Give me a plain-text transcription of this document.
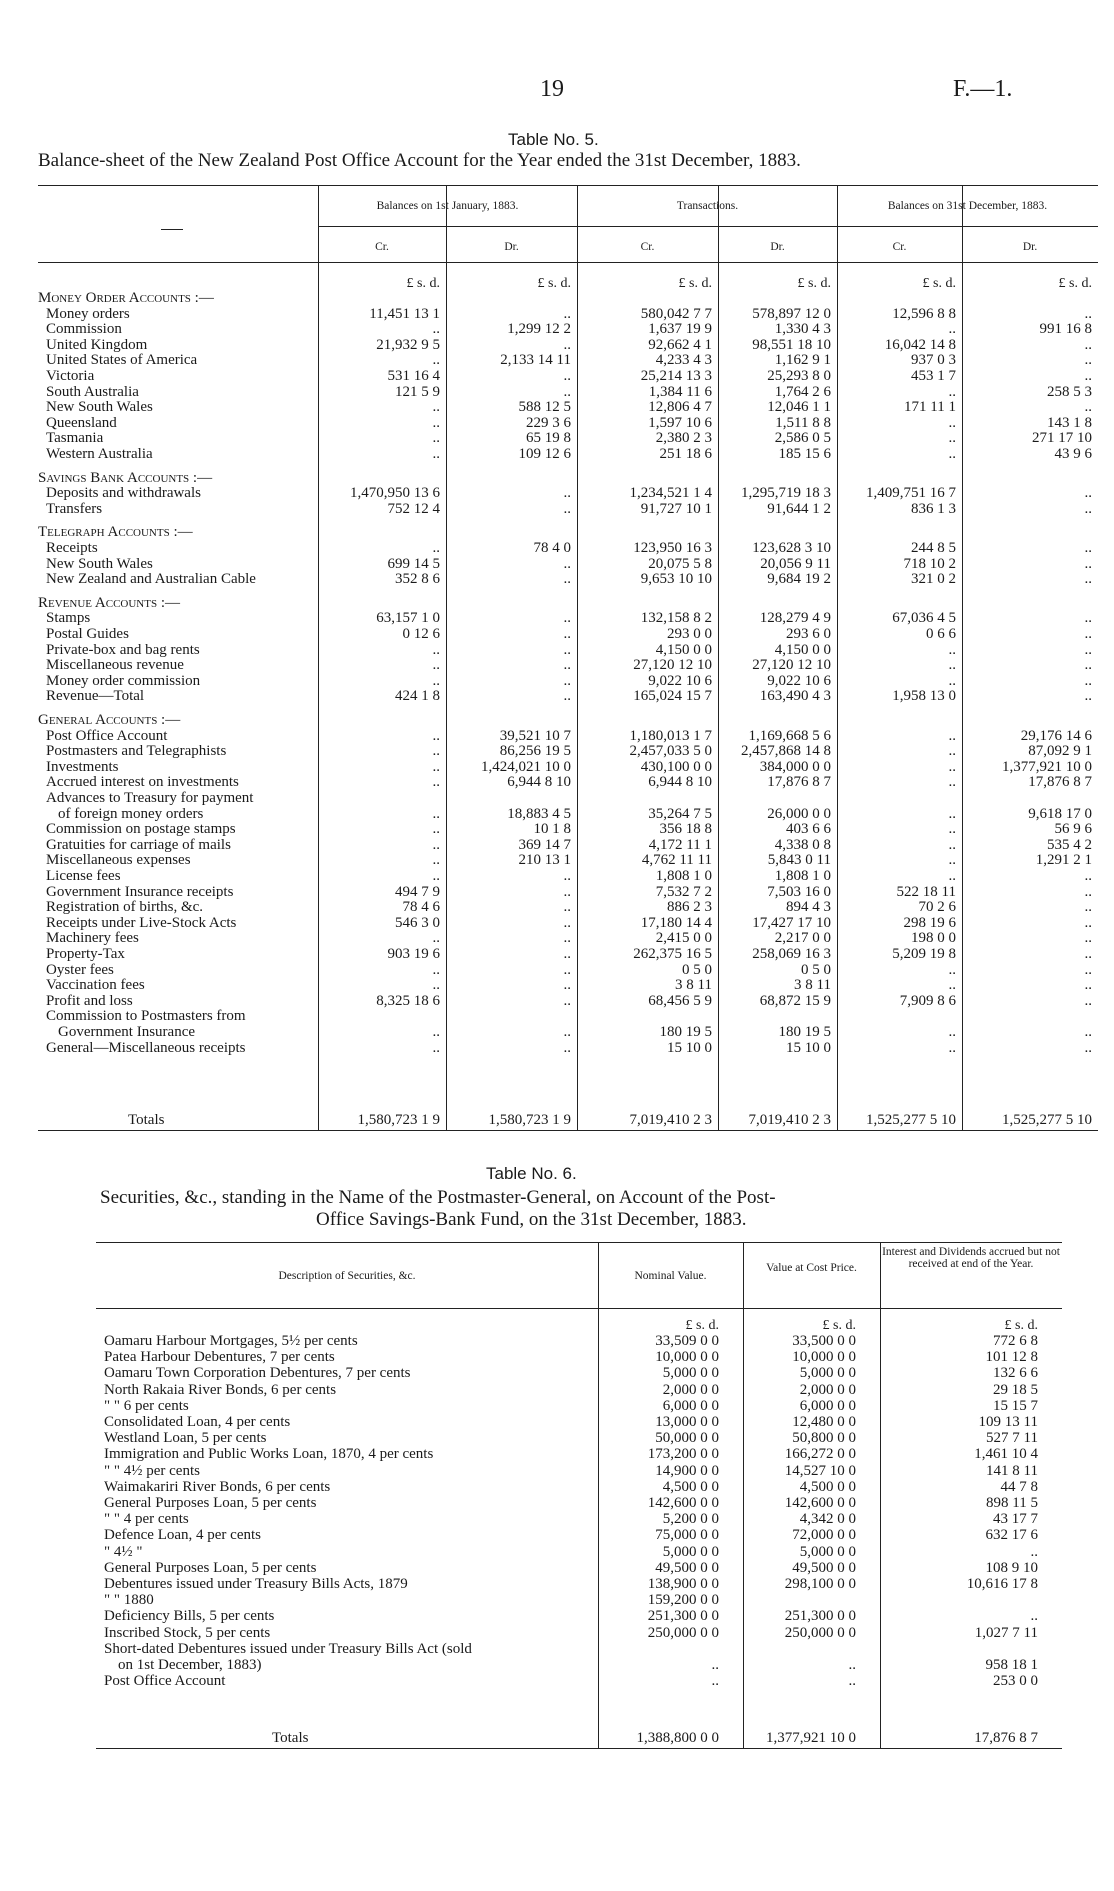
19	F.—1.
Table No. 5.
Balance-sheet of the New Zealand Post Office Account for the Year ended the 31st December, 1883.
Balances on 1st January, 1883.	Transactions.	Balances on 31st December, 1883.
Cr.	Dr.	Cr.	Dr.	Cr.	Dr.
£ s. d.	£ s. d.	£ s. d.	£ s. d.	£ s. d.	£ s. d.
Money Order Accounts :—
Money orders	11,451 13 1	..	580,042 7 7	578,897 12 0	12,596 8 8	..
Commission	..	1,299 12 2	1,637 19 9	1,330 4 3	..	991 16 8
United Kingdom	21,932 9 5	..	92,662 4 1	98,551 18 10	16,042 14 8	..
United States of America	..	2,133 14 11	4,233 4 3	1,162 9 1	937 0 3	..
Victoria	531 16 4	..	25,214 13 3	25,293 8 0	453 1 7	..
South Australia	121 5 9	..	1,384 11 6	1,764 2 6	..	258 5 3
New South Wales	..	588 12 5	12,806 4 7	12,046 1 1	171 11 1	..
Queensland	..	229 3 6	1,597 10 6	1,511 8 8	..	143 1 8
Tasmania	..	65 19 8	2,380 2 3	2,586 0 5	..	271 17 10
Western Australia	..	109 12 6	251 18 6	185 15 6	..	43 9 6
Savings Bank Accounts :—
Deposits and withdrawals	1,470,950 13 6	..	1,234,521 1 4	1,295,719 18 3	1,409,751 16 7	..
Transfers	752 12 4	..	91,727 10 1	91,644 1 2	836 1 3	..
Telegraph Accounts :—
Receipts	..	78 4 0	123,950 16 3	123,628 3 10	244 8 5	..
New South Wales	699 14 5	..	20,075 5 8	20,056 9 11	718 10 2	..
New Zealand and Australian Cable	352 8 6	..	9,653 10 10	9,684 19 2	321 0 2	..
Revenue Accounts :—
Stamps	63,157 1 0	..	132,158 8 2	128,279 4 9	67,036 4 5	..
Postal Guides	0 12 6	..	293 0 0	293 6 0	0 6 6	..
Private-box and bag rents	..	..	4,150 0 0	4,150 0 0	..	..
Miscellaneous revenue	..	..	27,120 12 10	27,120 12 10	..	..
Money order commission	..	..	9,022 10 6	9,022 10 6	..	..
Revenue—Total	424 1 8	..	165,024 15 7	163,490 4 3	1,958 13 0	..
General Accounts :—
Post Office Account	..	39,521 10 7	1,180,013 1 7	1,169,668 5 6	..	29,176 14 6
Postmasters and Telegraphists	..	86,256 19 5	2,457,033 5 0	2,457,868 14 8	..	87,092 9 1
Investments	..	1,424,021 10 0	430,100 0 0	384,000 0 0	..	1,377,921 10 0
Accrued interest on investments	..	6,944 8 10	6,944 8 10	17,876 8 7	..	17,876 8 7
Advances to Treasury for payment
of foreign money orders	..	18,883 4 5	35,264 7 5	26,000 0 0	..	9,618 17 0
Commission on postage stamps	..	10 1 8	356 18 8	403 6 6	..	56 9 6
Gratuities for carriage of mails	..	369 14 7	4,172 11 1	4,338 0 8	..	535 4 2
Miscellaneous expenses	..	210 13 1	4,762 11 11	5,843 0 11	..	1,291 2 1
License fees	..	..	1,808 1 0	1,808 1 0	..	..
Government Insurance receipts	494 7 9	..	7,532 7 2	7,503 16 0	522 18 11	..
Registration of births, &c.	78 4 6	..	886 2 3	894 4 3	70 2 6	..
Receipts under Live-Stock Acts	546 3 0	..	17,180 14 4	17,427 17 10	298 19 6	..
Machinery fees	..	..	2,415 0 0	2,217 0 0	198 0 0	..
Property-Tax	903 19 6	..	262,375 16 5	258,069 16 3	5,209 19 8	..
Oyster fees	..	..	0 5 0	0 5 0	..	..
Vaccination fees	..	..	3 8 11	3 8 11	..	..
Profit and loss	8,325 18 6	..	68,456 5 9	68,872 15 9	7,909 8 6	..
Commission to Postmasters from
Government Insurance	..	..	180 19 5	180 19 5	..	..
General—Miscellaneous receipts	..	..	15 10 0	15 10 0	..	..
Totals	1,580,723 1 9	1,580,723 1 9	7,019,410 2 3	7,019,410 2 3	1,525,277 5 10	1,525,277 5 10
Table No. 6.
Securities, &c., standing in the Name of the Postmaster-General, on Account of the Post-
Office Savings-Bank Fund, on the 31st December, 1883.
Description of Securities, &c.	Nominal Value.
Value at Cost Price.
Interest and Dividends accrued but not received at end of the Year.
£ s. d.	£ s. d.	£ s. d.
Oamaru Harbour Mortgages, 5½ per cents	33,509 0 0	33,500 0 0	772 6 8
Patea Harbour Debentures, 7 per cents	10,000 0 0	10,000 0 0	101 12 8
Oamaru Town Corporation Debentures, 7 per cents	5,000 0 0	5,000 0 0	132 6 6
North Rakaia River Bonds, 6 per cents	2,000 0 0	2,000 0 0	29 18 5
" " 6 per cents	6,000 0 0	6,000 0 0	15 15 7
Consolidated Loan, 4 per cents	13,000 0 0	12,480 0 0	109 13 11
Westland Loan, 5 per cents	50,000 0 0	50,800 0 0	527 7 11
Immigration and Public Works Loan, 1870, 4 per cents	173,200 0 0	166,272 0 0	1,461 10 4
" " 4½ per cents	14,900 0 0	14,527 10 0	141 8 11
Waimakariri River Bonds, 6 per cents	4,500 0 0	4,500 0 0	44 7 8
General Purposes Loan, 5 per cents	142,600 0 0	142,600 0 0	898 11 5
" " 4 per cents	5,200 0 0	4,342 0 0	43 17 7
Defence Loan, 4 per cents	75,000 0 0	72,000 0 0	632 17 6
" 4½ "	5,000 0 0	5,000 0 0	..
General Purposes Loan, 5 per cents	49,500 0 0	49,500 0 0	108 9 10
Debentures issued under Treasury Bills Acts, 1879	138,900 0 0	298,100 0 0	10,616 17 8
" " 1880	159,200 0 0
Deficiency Bills, 5 per cents	251,300 0 0	251,300 0 0	..
Inscribed Stock, 5 per cents	250,000 0 0	250,000 0 0	1,027 7 11
Short-dated Debentures issued under Treasury Bills Act (sold
on 1st December, 1883)	..	..	958 18 1
Post Office Account	..	..	253 0 0
Totals	1,388,800 0 0	1,377,921 10 0	17,876 8 7
